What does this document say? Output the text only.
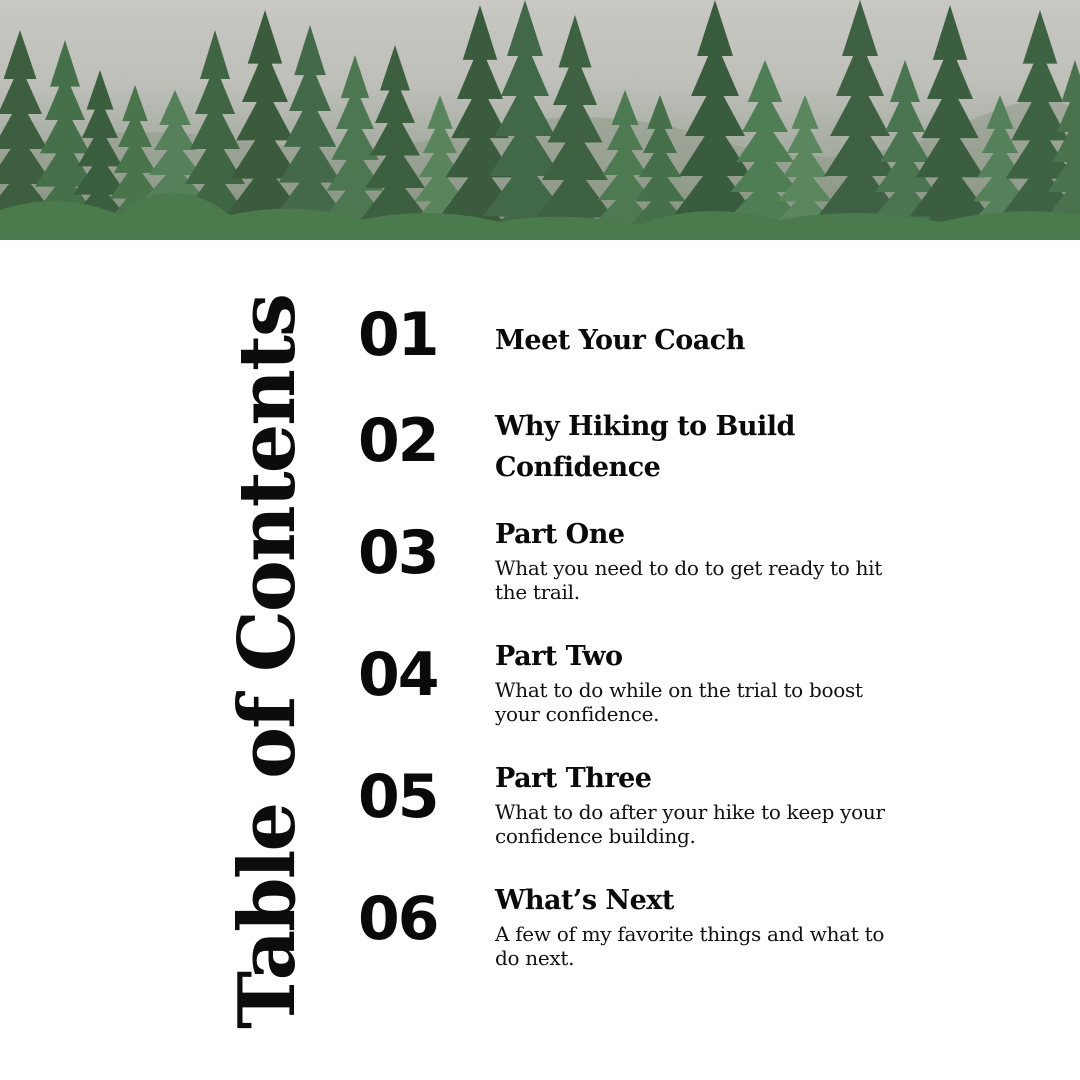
Table of Contents 01 Meet Your Coach
02 Why Hiking to Build Confidence
03 Part One
What you need to do to get ready to hit the trail.
04 Part Two
What to do while on the trial to boost your confidence.
05 Part Three
What to do after your hike to keep your confidence building.
06 What’s Next
A few of my favorite things and what to do next.
